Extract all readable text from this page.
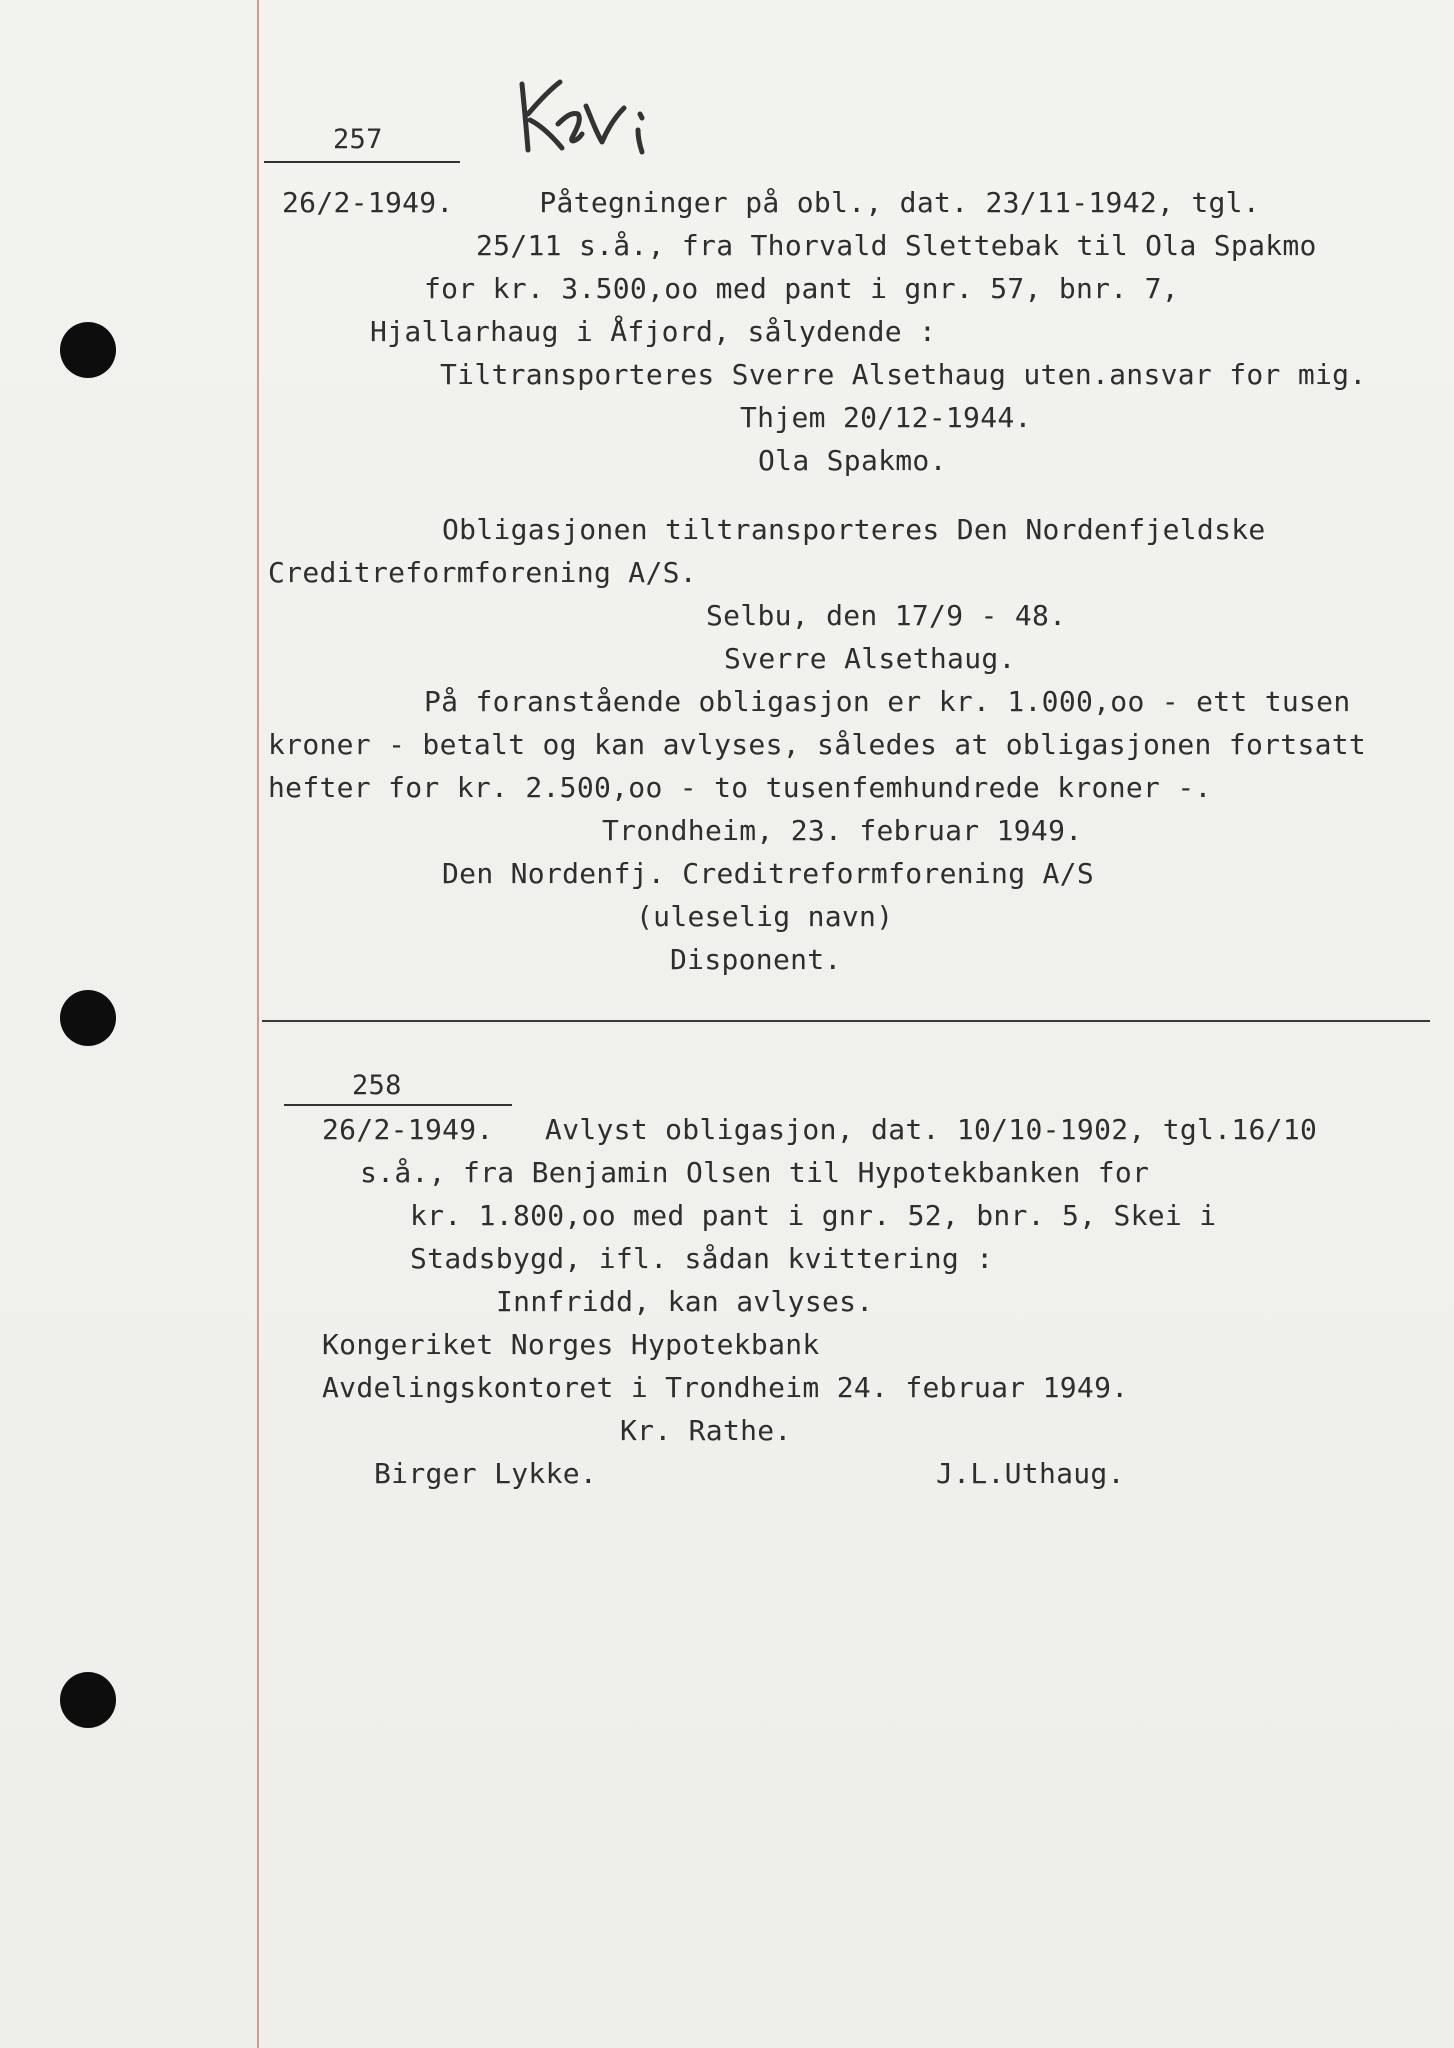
257
26/2-1949.     Påtegninger på obl., dat. 23/11-1942, tgl.
25/11 s.å., fra Thorvald Slettebak til Ola Spakmo
for kr. 3.500,oo med pant i gnr. 57, bnr. 7,
Hjallarhaug i Åfjord, sålydende :
Tiltransporteres Sverre Alsethaug uten.ansvar for mig.
Thjem 20/12-1944.
Ola Spakmo.
Obligasjonen tiltransporteres Den Nordenfjeldske
Creditreformforening A/S.
Selbu, den 17/9 - 48.
Sverre Alsethaug.
På foranstående obligasjon er kr. 1.000,oo - ett tusen
kroner - betalt og kan avlyses, således at obligasjonen fortsatt
hefter for kr. 2.500,oo - to tusenfemhundrede kroner -.
Trondheim, 23. februar 1949.
Den Nordenfj. Creditreformforening A/S
(uleselig navn)
Disponent.
258
26/2-1949.   Avlyst obligasjon, dat. 10/10-1902, tgl.16/10
s.å., fra Benjamin Olsen til Hypotekbanken for
kr. 1.800,oo med pant i gnr. 52, bnr. 5, Skei i
Stadsbygd, ifl. sådan kvittering :
Innfridd, kan avlyses.
Kongeriket Norges Hypotekbank
Avdelingskontoret i Trondheim 24. februar 1949.
Kr. Rathe.
Birger Lykke.	J.L.Uthaug.
